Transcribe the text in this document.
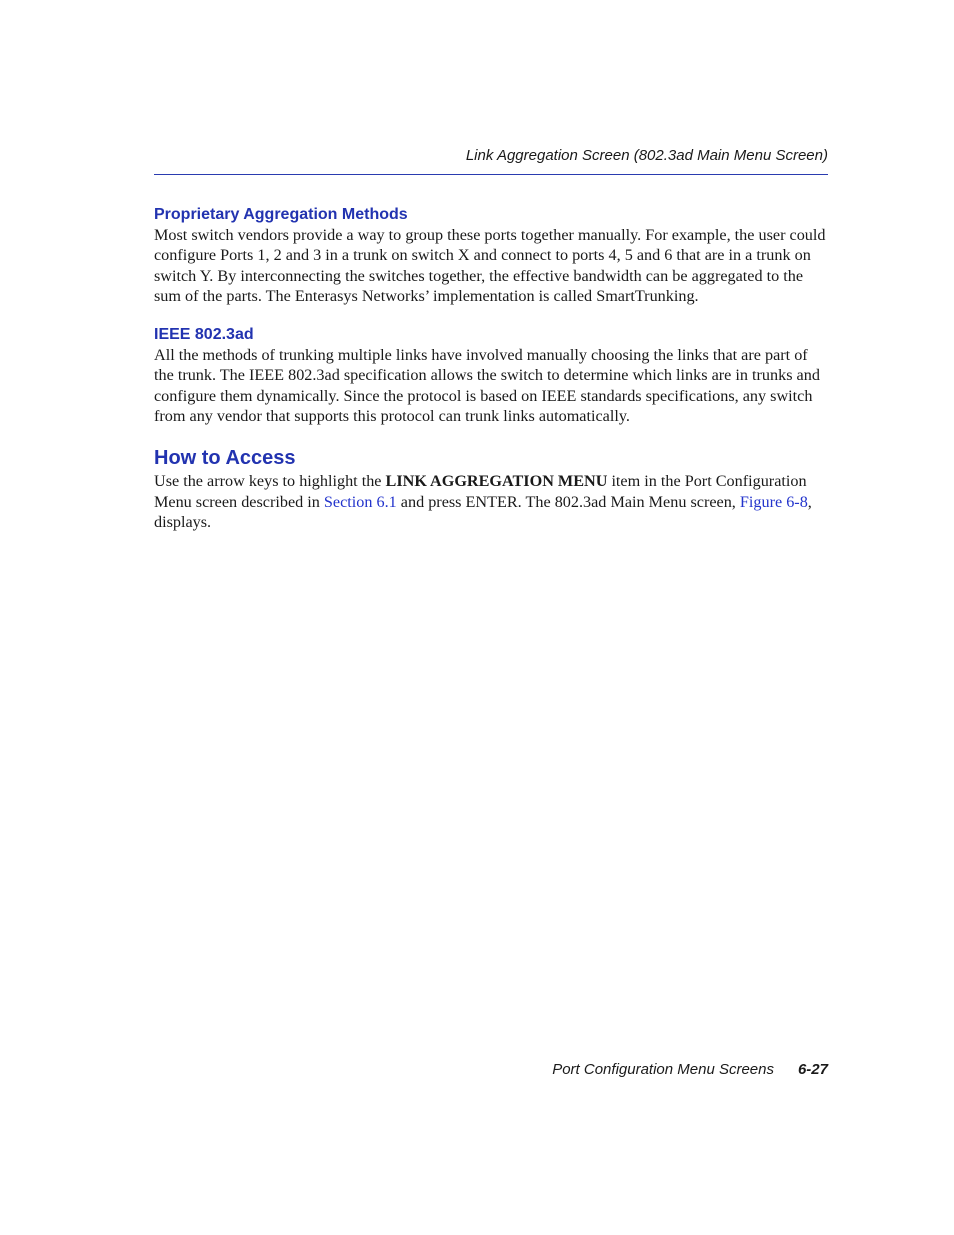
Link Aggregation Screen (802.3ad Main Menu Screen)
Proprietary Aggregation Methods

Most switch vendors provide a way to group these ports together manually. For example, the user could configure Ports 1, 2 and 3 in a trunk on switch X and connect to ports 4, 5 and 6 that are in a trunk on switch Y. By interconnecting the switches together, the effective bandwidth can be aggregated to the sum of the parts. The Enterasys Networks’ implementation is called SmartTrunking.

IEEE 802.3ad

All the methods of trunking multiple links have involved manually choosing the links that are part of the trunk. The IEEE 802.3ad specification allows the switch to determine which links are in trunks and configure them dynamically. Since the protocol is based on IEEE standards specifications, any switch from any vendor that supports this protocol can trunk links automatically.

How to Access

Use the arrow keys to highlight the LINK AGGREGATION MENU item in the Port Configuration Menu screen described in Section 6.1 and press ENTER. The 802.3ad Main Menu screen, Figure 6-8, displays.

Port Configuration Menu Screens	6-27
